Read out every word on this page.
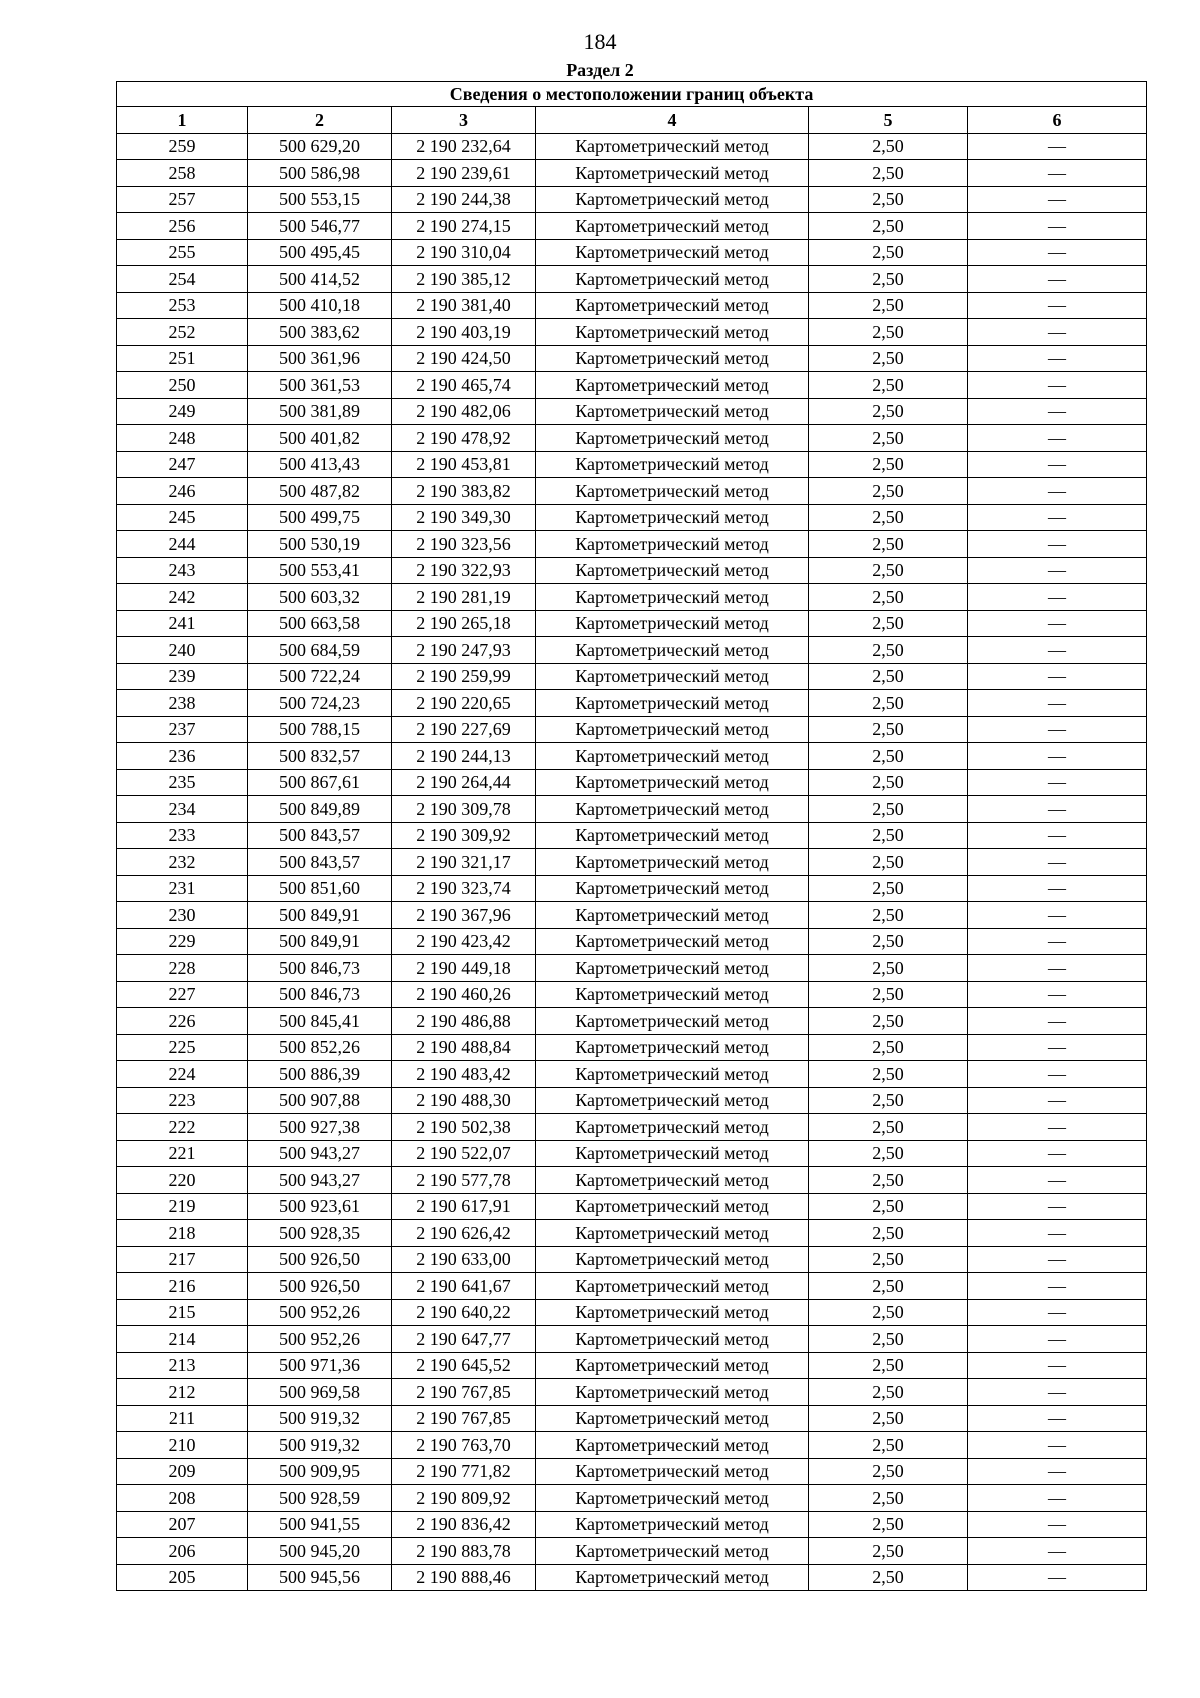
184
Раздел 2
Сведения о местоположении границ объекта					
1	2	3	4	5	6
259	500 629,20	2 190 232,64	Картометрический метод	2,50	—
258	500 586,98	2 190 239,61	Картометрический метод	2,50	—
257	500 553,15	2 190 244,38	Картометрический метод	2,50	—
256	500 546,77	2 190 274,15	Картометрический метод	2,50	—
255	500 495,45	2 190 310,04	Картометрический метод	2,50	—
254	500 414,52	2 190 385,12	Картометрический метод	2,50	—
253	500 410,18	2 190 381,40	Картометрический метод	2,50	—
252	500 383,62	2 190 403,19	Картометрический метод	2,50	—
251	500 361,96	2 190 424,50	Картометрический метод	2,50	—
250	500 361,53	2 190 465,74	Картометрический метод	2,50	—
249	500 381,89	2 190 482,06	Картометрический метод	2,50	—
248	500 401,82	2 190 478,92	Картометрический метод	2,50	—
247	500 413,43	2 190 453,81	Картометрический метод	2,50	—
246	500 487,82	2 190 383,82	Картометрический метод	2,50	—
245	500 499,75	2 190 349,30	Картометрический метод	2,50	—
244	500 530,19	2 190 323,56	Картометрический метод	2,50	—
243	500 553,41	2 190 322,93	Картометрический метод	2,50	—
242	500 603,32	2 190 281,19	Картометрический метод	2,50	—
241	500 663,58	2 190 265,18	Картометрический метод	2,50	—
240	500 684,59	2 190 247,93	Картометрический метод	2,50	—
239	500 722,24	2 190 259,99	Картометрический метод	2,50	—
238	500 724,23	2 190 220,65	Картометрический метод	2,50	—
237	500 788,15	2 190 227,69	Картометрический метод	2,50	—
236	500 832,57	2 190 244,13	Картометрический метод	2,50	—
235	500 867,61	2 190 264,44	Картометрический метод	2,50	—
234	500 849,89	2 190 309,78	Картометрический метод	2,50	—
233	500 843,57	2 190 309,92	Картометрический метод	2,50	—
232	500 843,57	2 190 321,17	Картометрический метод	2,50	—
231	500 851,60	2 190 323,74	Картометрический метод	2,50	—
230	500 849,91	2 190 367,96	Картометрический метод	2,50	—
229	500 849,91	2 190 423,42	Картометрический метод	2,50	—
228	500 846,73	2 190 449,18	Картометрический метод	2,50	—
227	500 846,73	2 190 460,26	Картометрический метод	2,50	—
226	500 845,41	2 190 486,88	Картометрический метод	2,50	—
225	500 852,26	2 190 488,84	Картометрический метод	2,50	—
224	500 886,39	2 190 483,42	Картометрический метод	2,50	—
223	500 907,88	2 190 488,30	Картометрический метод	2,50	—
222	500 927,38	2 190 502,38	Картометрический метод	2,50	—
221	500 943,27	2 190 522,07	Картометрический метод	2,50	—
220	500 943,27	2 190 577,78	Картометрический метод	2,50	—
219	500 923,61	2 190 617,91	Картометрический метод	2,50	—
218	500 928,35	2 190 626,42	Картометрический метод	2,50	—
217	500 926,50	2 190 633,00	Картометрический метод	2,50	—
216	500 926,50	2 190 641,67	Картометрический метод	2,50	—
215	500 952,26	2 190 640,22	Картометрический метод	2,50	—
214	500 952,26	2 190 647,77	Картометрический метод	2,50	—
213	500 971,36	2 190 645,52	Картометрический метод	2,50	—
212	500 969,58	2 190 767,85	Картометрический метод	2,50	—
211	500 919,32	2 190 767,85	Картометрический метод	2,50	—
210	500 919,32	2 190 763,70	Картометрический метод	2,50	—
209	500 909,95	2 190 771,82	Картометрический метод	2,50	—
208	500 928,59	2 190 809,92	Картометрический метод	2,50	—
207	500 941,55	2 190 836,42	Картометрический метод	2,50	—
206	500 945,20	2 190 883,78	Картометрический метод	2,50	—
205	500 945,56	2 190 888,46	Картометрический метод	2,50	—
